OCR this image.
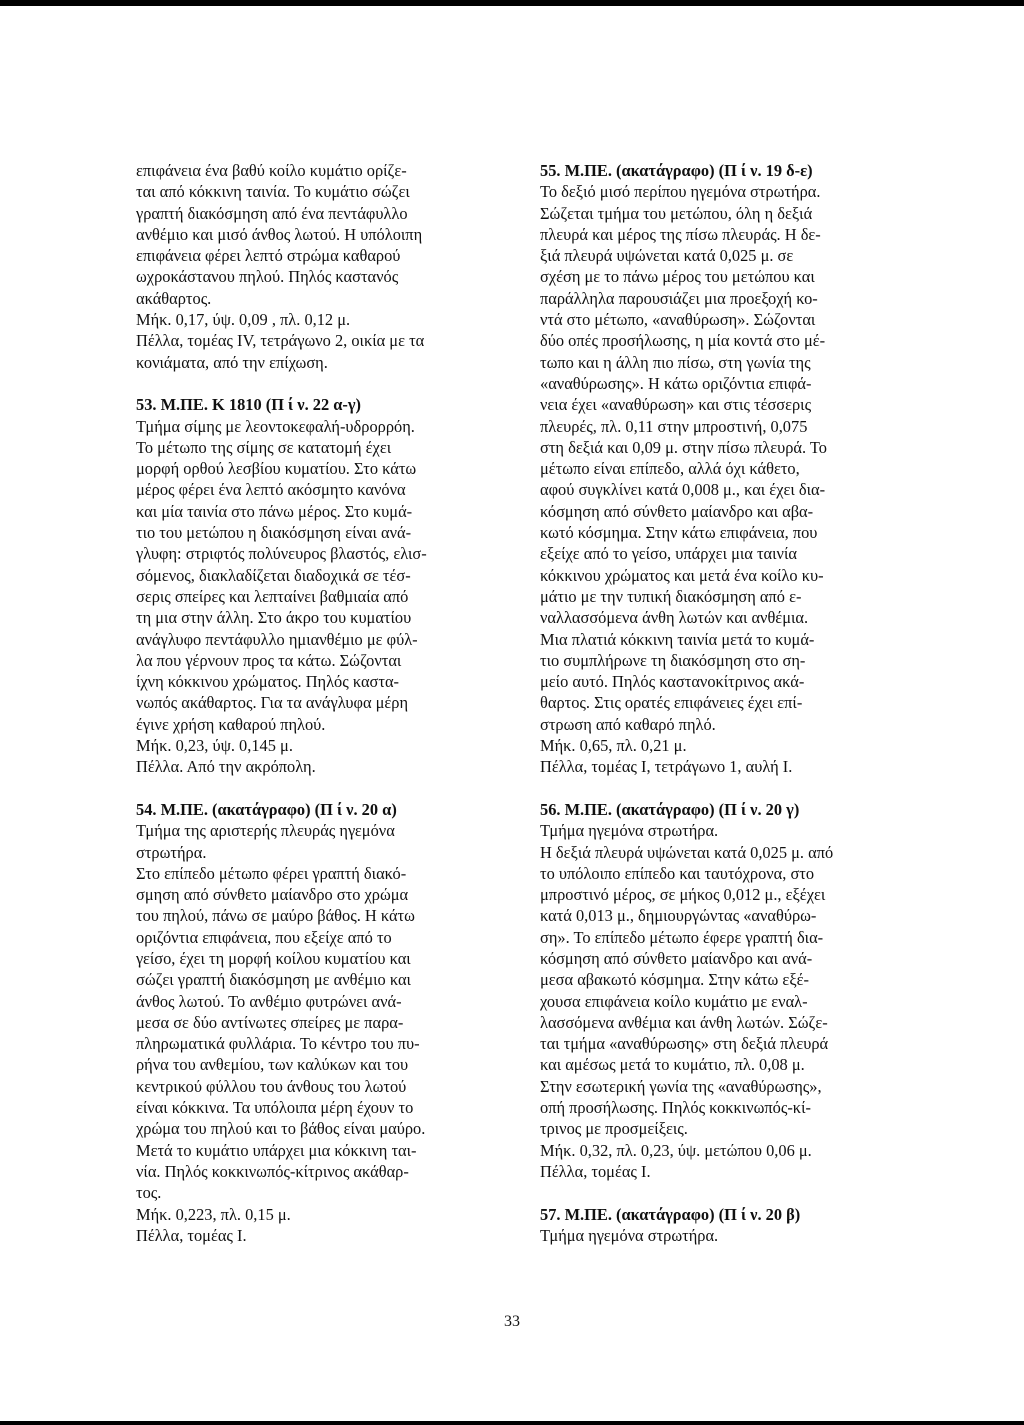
επιφάνεια ένα βαθύ κοίλο κυμάτιο ορίζε-
ται από κόκκινη ταινία. Το κυμάτιο σώζει
γραπτή διακόσμηση από ένα πεντάφυλλο
ανθέμιο και μισό άνθος λωτού. Η υπόλοιπη
επιφάνεια φέρει λεπτό στρώμα καθαρού
ωχροκάστανου πηλού. Πηλός καστανός
ακάθαρτος.
Μήκ. 0,17, ύψ. 0,09 , πλ. 0,12 μ.
Πέλλα, τομέας IV, τετράγωνο 2, οικία με τα
κονιάματα, από την επίχωση.
53. Μ.ΠΕ. Κ 1810 (Π ί ν. 22 α-γ)
Τμήμα σίμης με λεοντοκεφαλή-υδρορρόη.
Το μέτωπο της σίμης σε κατατομή έχει
μορφή ορθού λεσβίου κυματίου. Στο κάτω
μέρος φέρει ένα λεπτό ακόσμητο κανόνα
και μία ταινία στο πάνω μέρος. Στο κυμά-
τιο του μετώπου η διακόσμηση είναι ανά-
γλυφη: στριφτός πολύνευρος βλαστός, ελισ-
σόμενος, διακλαδίζεται διαδοχικά σε τέσ-
σερις σπείρες και λεπταίνει βαθμιαία από
τη μια στην άλλη. Στο άκρο του κυματίου
ανάγλυφο πεντάφυλλο ημιανθέμιο με φύλ-
λα που γέρνουν προς τα κάτω. Σώζονται
ίχνη κόκκινου χρώματος. Πηλός καστα-
νωπός ακάθαρτος. Για τα ανάγλυφα μέρη
έγινε χρήση καθαρού πηλού.
Μήκ. 0,23, ύψ. 0,145 μ.
Πέλλα. Από την ακρόπολη.
54. Μ.ΠΕ. (ακατάγραφο) (Π ί ν. 20 α)
Τμήμα της αριστερής πλευράς ηγεμόνα
στρωτήρα.
Στο επίπεδο μέτωπο φέρει γραπτή διακό-
σμηση από σύνθετο μαίανδρο στο χρώμα
του πηλού, πάνω σε μαύρο βάθος. Η κάτω
οριζόντια επιφάνεια, που εξείχε από το
γείσο, έχει τη μορφή κοίλου κυματίου και
σώζει γραπτή διακόσμηση με ανθέμιο και
άνθος λωτού. Το ανθέμιο φυτρώνει ανά-
μεσα σε δύο αντίνωτες σπείρες με παρα-
πληρωματικά φυλλάρια. Το κέντρο του πυ-
ρήνα του ανθεμίου, των καλύκων και του
κεντρικού φύλλου του άνθους του λωτού
είναι κόκκινα. Τα υπόλοιπα μέρη έχουν το
χρώμα του πηλού και το βάθος είναι μαύρο.
Μετά το κυμάτιο υπάρχει μια κόκκινη ται-
νία. Πηλός κοκκινωπός-κίτρινος ακάθαρ-
τος.
Μήκ. 0,223, πλ. 0,15 μ.
Πέλλα, τομέας I.
55. Μ.ΠΕ. (ακατάγραφο) (Π ί ν. 19 δ-ε)
Το δεξιό μισό περίπου ηγεμόνα στρωτήρα.
Σώζεται τμήμα του μετώπου, όλη η δεξιά
πλευρά και μέρος της πίσω πλευράς. Η δε-
ξιά πλευρά υψώνεται κατά 0,025 μ. σε
σχέση με το πάνω μέρος του μετώπου και
παράλληλα παρουσιάζει μια προεξοχή κο-
ντά στο μέτωπο, «αναθύρωση». Σώζονται
δύο οπές προσήλωσης, η μία κοντά στο μέ-
τωπο και η άλλη πιο πίσω, στη γωνία της
«αναθύρωσης». Η κάτω οριζόντια επιφά-
νεια έχει «αναθύρωση» και στις τέσσερις
πλευρές, πλ. 0,11 στην μπροστινή, 0,075
στη δεξιά και 0,09 μ. στην πίσω πλευρά. Το
μέτωπο είναι επίπεδο, αλλά όχι κάθετο,
αφού συγκλίνει κατά 0,008 μ., και έχει δια-
κόσμηση από σύνθετο μαίανδρο και αβα-
κωτό κόσμημα. Στην κάτω επιφάνεια, που
εξείχε από το γείσο, υπάρχει μια ταινία
κόκκινου χρώματος και μετά ένα κοίλο κυ-
μάτιο με την τυπική διακόσμηση από ε-
ναλλασσόμενα άνθη λωτών και ανθέμια.
Μια πλατιά κόκκινη ταινία μετά το κυμά-
τιο συμπλήρωνε τη διακόσμηση στο ση-
μείο αυτό. Πηλός καστανοκίτρινος ακά-
θαρτος. Στις ορατές επιφάνειες έχει επί-
στρωση από καθαρό πηλό.
Μήκ. 0,65, πλ. 0,21 μ.
Πέλλα, τομέας I, τετράγωνο 1, αυλή I.
56. Μ.ΠΕ. (ακατάγραφο) (Π ί ν. 20 γ)
Τμήμα ηγεμόνα στρωτήρα.
Η δεξιά πλευρά υψώνεται κατά 0,025 μ. από
το υπόλοιπο επίπεδο και ταυτόχρονα, στο
μπροστινό μέρος, σε μήκος 0,012 μ., εξέχει
κατά 0,013 μ., δημιουργώντας «αναθύρω-
ση». Το επίπεδο μέτωπο έφερε γραπτή δια-
κόσμηση από σύνθετο μαίανδρο και ανά-
μεσα αβακωτό κόσμημα. Στην κάτω εξέ-
χουσα επιφάνεια κοίλο κυμάτιο με εναλ-
λασσόμενα ανθέμια και άνθη λωτών. Σώζε-
ται τμήμα «αναθύρωσης» στη δεξιά πλευρά
και αμέσως μετά το κυμάτιο, πλ. 0,08 μ.
Στην εσωτερική γωνία της «αναθύρωσης»,
οπή προσήλωσης. Πηλός κοκκινωπός-κί-
τρινος με προσμείξεις.
Μήκ. 0,32, πλ. 0,23, ύψ. μετώπου 0,06 μ.
Πέλλα, τομέας I.
57. Μ.ΠΕ. (ακατάγραφο) (Π ί ν. 20 β)
Τμήμα ηγεμόνα στρωτήρα.
33
